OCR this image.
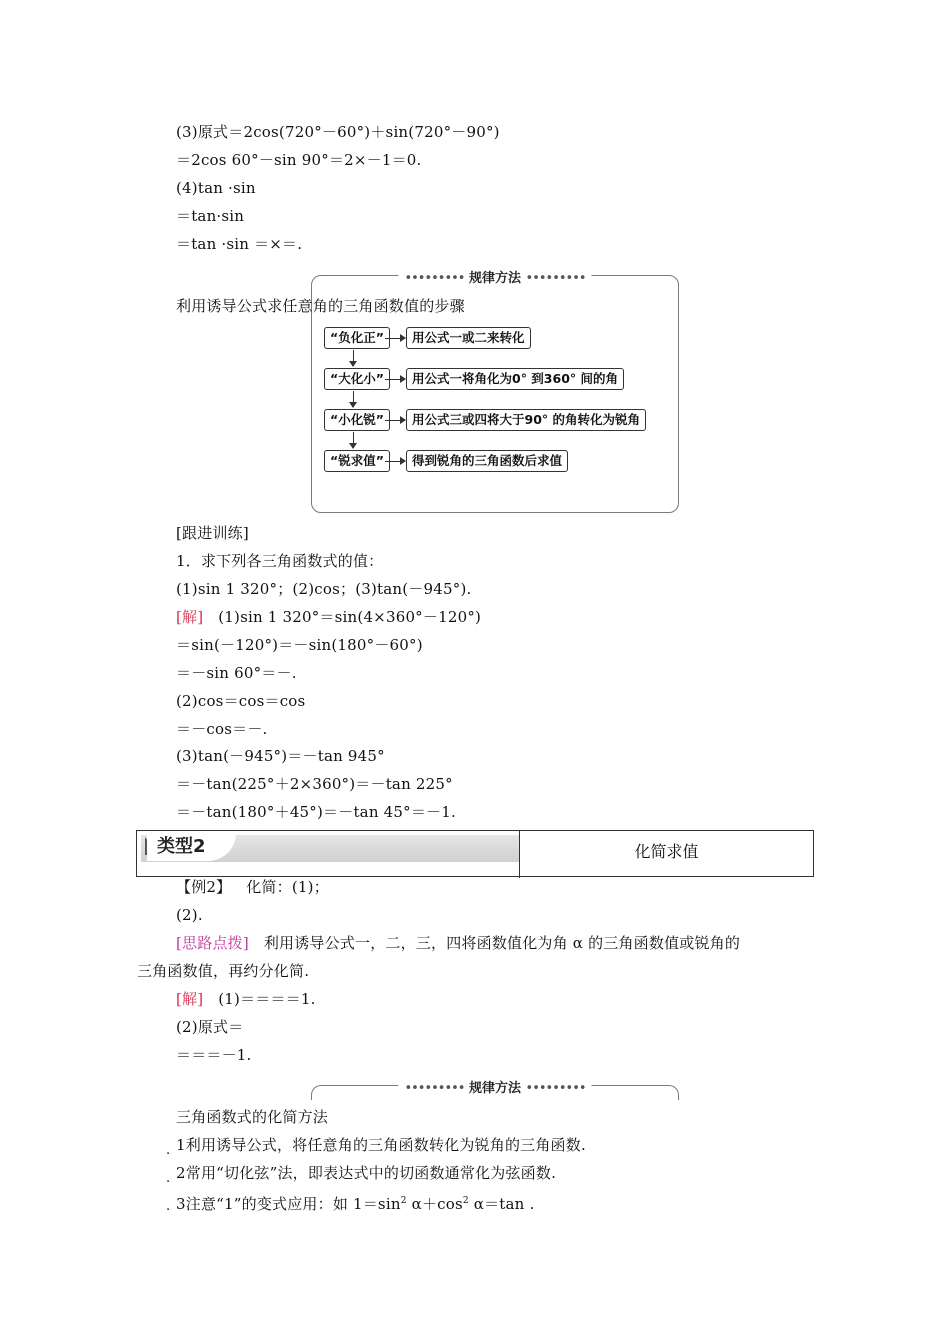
(3)原式＝2cos(720°－60°)＋sin(720°－90°)
＝2cos 60°－sin 90°＝2×－1＝0.
(4)tan ·sin
＝tan·sin
＝tan ·sin ＝×＝.
••••••••• 规律方法 •••••••••
利用诱导公式求任意角的三角函数值的步骤
“负化正”	用公式一或二来转化
“大化小”	用公式一将角化为0° 到360° 间的角
“小化锐”	用公式三或四将大于90° 的角转化为锐角
“锐求值”	得到锐角的三角函数后求值
[跟进训练]
1．求下列各三角函数式的值：
(1)sin 1 320°；(2)cos；(3)tan(－945°).
[解] (1)sin 1 320°＝sin(4×360°－120°)
＝sin(－120°)＝－sin(180°－60°)
＝－sin 60°＝－.
(2)cos＝cos＝cos
＝－cos＝－.
(3)tan(－945°)＝－tan 945°
＝－tan(225°＋2×360°)＝－tan 225°
＝－tan(180°＋45°)＝－tan 45°＝－1.
类型2	化简求值
【例2】 化简：(1)；
(2).
[思路点拨] 利用诱导公式一，二，三，四将函数值化为角 α 的三角函数值或锐角的
三角函数值，再约分化简.
[解] (1)＝＝＝＝1.
(2)原式＝
＝＝＝－1.
••••••••• 规律方法 •••••••••
三角函数式的化简方法
. 1利用诱导公式，将任意角的三角函数转化为锐角的三角函数.
. 2常用“切化弦”法，即表达式中的切函数通常化为弦函数.
. 3注意“1”的变式应用：如 $1=\sin^2$ $\alpha+\cos^2$ α＝tan .
